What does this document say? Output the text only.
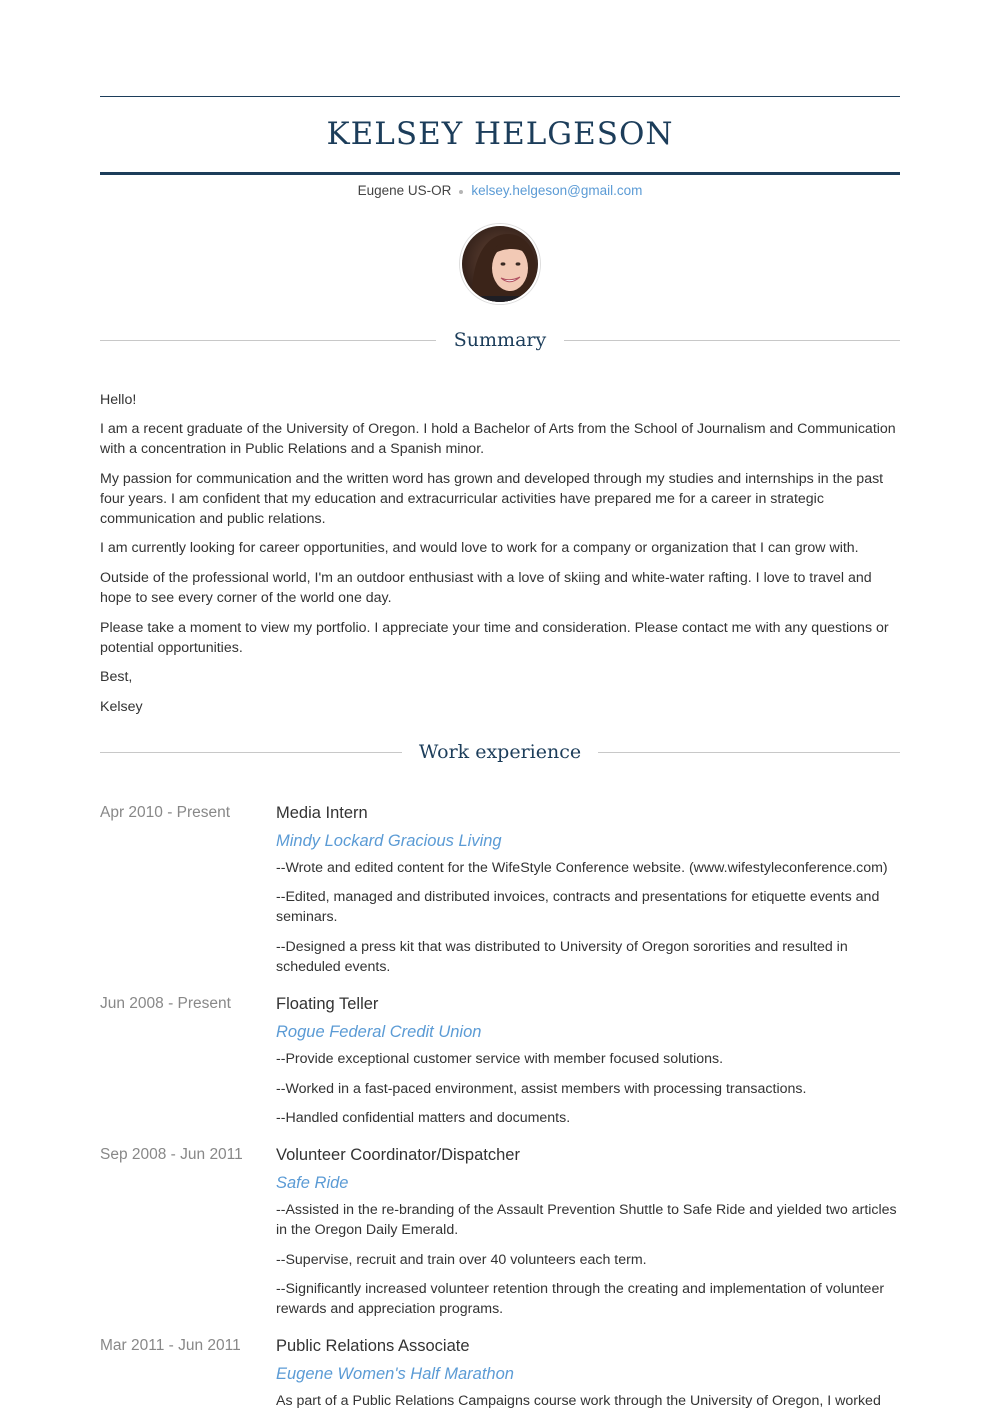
KELSEY HELGESON
Eugene US-OR kelsey.helgeson@gmail.com
Summary
Hello!
I am a recent graduate of the University of Oregon. I hold a Bachelor of Arts from the School of Journalism and Communication with a concentration in Public Relations and a Spanish minor.
My passion for communication and the written word has grown and developed through my studies and internships in the past four years. I am confident that my education and extracurricular activities have prepared me for a career in strategic communication and public relations.
I am currently looking for career opportunities, and would love to work for a company or organization that I can grow with.
Outside of the professional world, I'm an outdoor enthusiast with a love of skiing and white-water rafting. I love to travel and hope to see every corner of the world one day.
Please take a moment to view my portfolio. I appreciate your time and consideration. Please contact me with any questions or potential opportunities.
Best,
Kelsey
Work experience
Apr 2010 - Present	Media Intern
Mindy Lockard Gracious Living
--Wrote and edited content for the WifeStyle Conference website. (www.wifestyleconference.com)
--Edited, managed and distributed invoices, contracts and presentations for etiquette events and seminars.
--Designed a press kit that was distributed to University of Oregon sororities and resulted in scheduled events.
Jun 2008 - Present	Floating Teller
Rogue Federal Credit Union
--Provide exceptional customer service with member focused solutions.
--Worked in a fast-paced environment, assist members with processing transactions.
--Handled confidential matters and documents.
Sep 2008 - Jun 2011	Volunteer Coordinator/Dispatcher
Safe Ride
--Assisted in the re-branding of the Assault Prevention Shuttle to Safe Ride and yielded two articles in the Oregon Daily Emerald.
--Supervise, recruit and train over 40 volunteers each term.
--Significantly increased volunteer retention through the creating and implementation of volunteer rewards and appreciation programs.
Mar 2011 - Jun 2011	Public Relations Associate
Eugene Women's Half Marathon
As part of a Public Relations Campaigns course work through the University of Oregon, I worked
